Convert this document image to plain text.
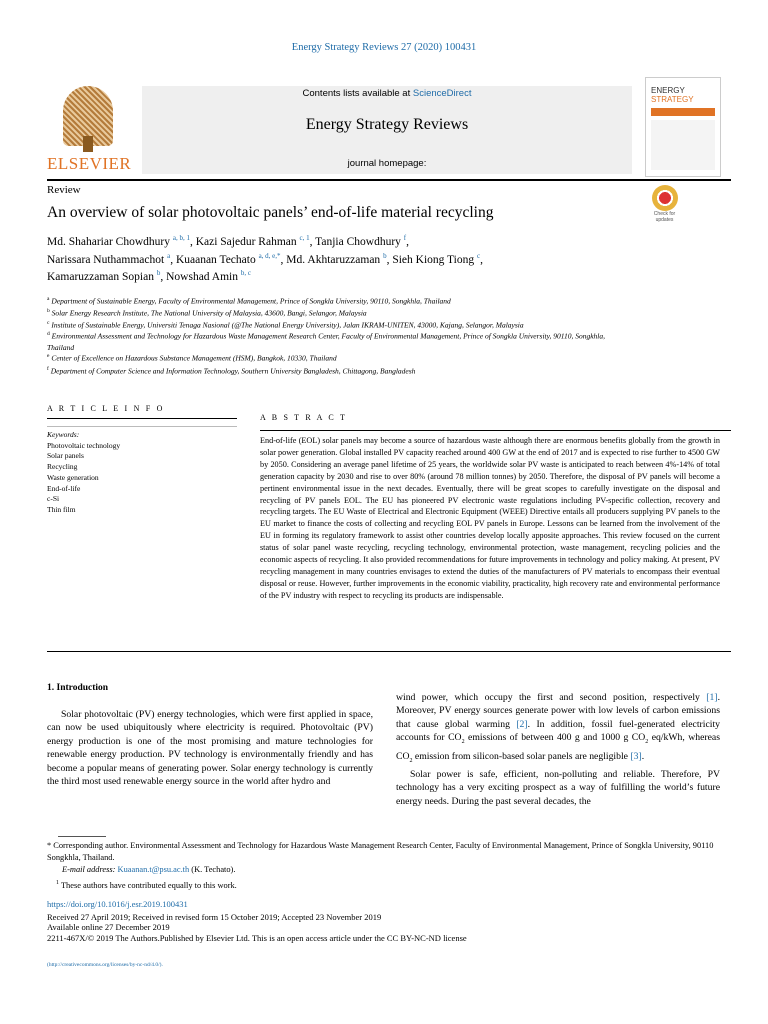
Energy Strategy Reviews 27 (2020) 100431
ELSEVIER
Contents lists available at ScienceDirect
Energy Strategy Reviews
journal homepage:
ENERGY
STRATEGY
Review
An overview of solar photovoltaic panels’ end-of-life material recycling	Check for
updates
Md. Shahariar Chowdhury $^{a, b, 1}$, Kazi Sajedur Rahman $^{c, 1}$, Tanjia Chowdhury $^f$,
Narissara Nuthammachot $^a$, Kuaanan Techato $^{a, d, e,*}$, Md. Akhtaruzzaman $^b$, Sieh Kiong Tiong $^c$,
Kamaruzzaman Sopian $^b$, Nowshad Amin $^{b, c}$
$^a$ Department of Sustainable Energy, Faculty of Environmental Management, Prince of Songkla University, 90110, Songkhla, Thailand
$^b$ Solar Energy Research Institute, The National University of Malaysia, 43600, Bangi, Selangor, Malaysia
$^c$ Institute of Sustainable Energy, Universiti Tenaga Nasional (@The National Energy University), Jalan IKRAM-UNITEN, 43000, Kajang, Selangor, Malaysia
$^d$ Environmental Assessment and Technology for Hazardous Waste Management Research Center, Faculty of Environmental Management, Prince of Songkla University, 90110, Songkhla, Thailand
$^e$ Center of Excellence on Hazardous Substance Management (HSM), Bangkok, 10330, Thailand
$^f$ Department of Computer Science and Information Technology, Southern University Bangladesh, Chittagong, Bangladesh
A R T I C L E I N F O
Keywords:
Photovoltaic technology
Solar panels
Recycling
Waste generation
End-of-life
c-Si
Thin film
A B S T R A C T
End-of-life (EOL) solar panels may become a source of hazardous waste although there are enormous benefits globally from the growth in solar power generation. Global installed PV capacity reached around 400 GW at the end of 2017 and is expected to rise further to 4500 GW by 2050. Considering an average panel lifetime of 25 years, the worldwide solar PV waste is anticipated to reach between 4%-14% of total generation capacity by 2030 and rise to over 80% (around 78 million tonnes) by 2050. Therefore, the disposal of PV panels will become a pertinent environmental issue in the next decades. Eventually, there will be great scopes to carefully investigate on the disposal and recycling of PV panels EOL. The EU has pioneered PV electronic waste regulations including PV-specific collection, recovery and recycling targets. The EU Waste of Electrical and Electronic Equipment (WEEE) Directive entails all producers supplying PV panels to the EU market to finance the costs of collecting and recycling EOL PV panels in Europe. Lessons can be learned from the involvement of the EU in forming its regulatory framework to assist other countries develop locally apposite approaches. This review focused on the current status of solar panel waste recycling, recycling technology, environmental protection, waste management, recycling policies and the economic aspects of recycling. It also provided recommendations for future improvements in technology and policy making. At present, PV recycling management in many countries envisages to extend the duties of the manufacturers of PV materials to encompass their eventual disposal or reuse. However, further improvements in the economic viability, practicality, high recovery rate and environmental performance of the PV industry with respect to recycling its products are indispensable.
1. Introduction
Solar photovoltaic (PV) energy technologies, which were first applied in space, can now be used ubiquitously where electricity is required. Photovoltaic (PV) energy production is one of the most promising and mature technologies for renewable energy production. PV technology is environmentally friendly and has become a popular means of generating power. Solar energy technology is currently the third most used renewable energy source in the world after hydro and

wind power, which occupy the first and second position, respectively [1]. Moreover, PV energy sources generate power with low levels of carbon emissions that cause global warming [2]. In addition, fossil fuel-generated electricity accounts for $CO_2$ emissions of between 400 g and 1000 g $CO_2$ eq/kWh, whereas $CO_2$ emission from silicon-based solar panels are negligible [3].

Solar power is safe, efficient, non-polluting and reliable. Therefore, PV technology has a very exciting prospect as a way of fulfilling the world’s future energy needs. During the past several decades, the

* Corresponding author. Environmental Assessment and Technology for Hazardous Waste Management Research Center, Faculty of Environmental Management, Prince of Songkla University, 90110 Songkhla, Thailand.
E-mail address: Kuaanan.t@psu.ac.th (K. Techato).
$^1$ These authors have contributed equally to this work.
https://doi.org/10.1016/j.esr.2019.100431
Received 27 April 2019; Received in revised form 15 October 2019; Accepted 23 November 2019
Available online 27 December 2019
2211-467X/© 2019 The Authors.Published by Elsevier Ltd. This is an open access article under the CC BY-NC-ND license
(http://creativecommons.org/licenses/by-nc-nd/4.0/).
